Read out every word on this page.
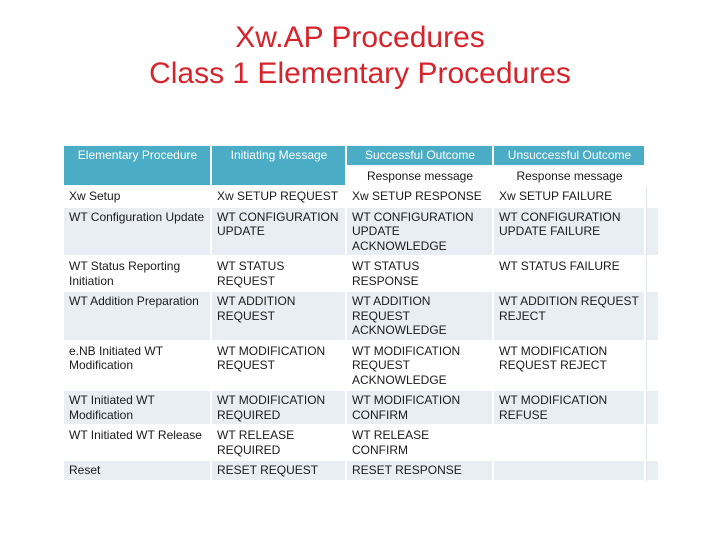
Xw.AP Procedures
Class 1 Elementary Procedures
Elementary Procedure	Initiating Message	Successful Outcome	Unsuccessful Outcome	
		Response message	Response message	
Xw Setup	Xw SETUP REQUEST	Xw SETUP RESPONSE	Xw SETUP FAILURE	
WT Configuration Update	WT CONFIGURATION UPDATE	WT CONFIGURATION UPDATE ACKNOWLEDGE	WT CONFIGURATION UPDATE FAILURE	
WT Status Reporting Initiation	WT STATUS REQUEST	WT STATUS RESPONSE	WT STATUS FAILURE	
WT Addition Preparation	WT ADDITION REQUEST	WT ADDITION REQUEST ACKNOWLEDGE	WT ADDITION REQUEST REJECT	
e.NB Initiated WT Modification	WT MODIFICATION REQUEST	WT MODIFICATION REQUEST ACKNOWLEDGE	WT MODIFICATION REQUEST REJECT	
WT Initiated WT Modification	WT MODIFICATION REQUIRED	WT MODIFICATION CONFIRM	WT MODIFICATION REFUSE	
WT Initiated WT Release	WT RELEASE REQUIRED	WT RELEASE CONFIRM		
Reset	RESET REQUEST	RESET RESPONSE		
